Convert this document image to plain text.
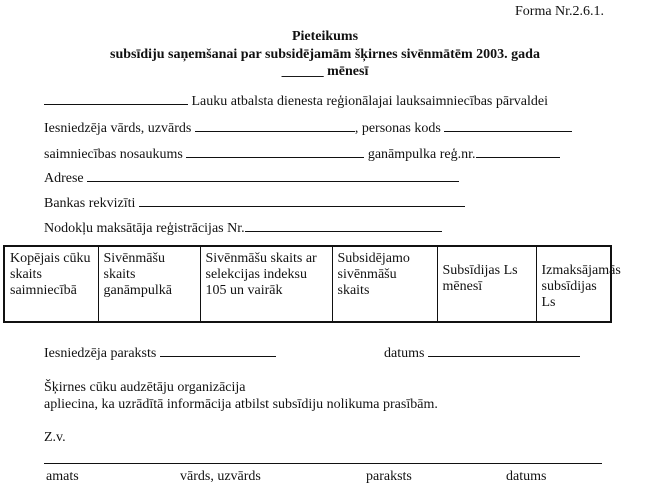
Forma Nr.2.6.1.
Pieteikums
subsīdiju saņemšanai par subsidējamām šķirnes sivēnmātēm 2003. gada
______ mēnesī
Lauku atbalsta dienesta reģionālajai lauksaimniecības pārvaldei
Iesniedzēja vārds, uzvārds	, personas kods
saimniecības nosaukums	ganāmpulka reģ.nr.
Adrese
Bankas rekvizīti
Nodokļu maksātāja reģistrācijas Nr.
Kopējais cūku skaits saimniecībā	Sivēnmāšu skaits ganāmpulkā	Sivēnmāšu skaits ar selekcijas indeksu 105 un vairāk	Subsidējamo sivēnmāšu skaits	Subsīdijas Ls mēnesī	Izmaksājamās subsīdijas Ls
Iesniedzēja paraksts	datums
Šķirnes cūku audzētāju organizācija
apliecina, ka uzrādītā informācija atbilst subsīdiju nolikuma prasībām.
Z.v.
amats	vārds, uzvārds	paraksts	datums
